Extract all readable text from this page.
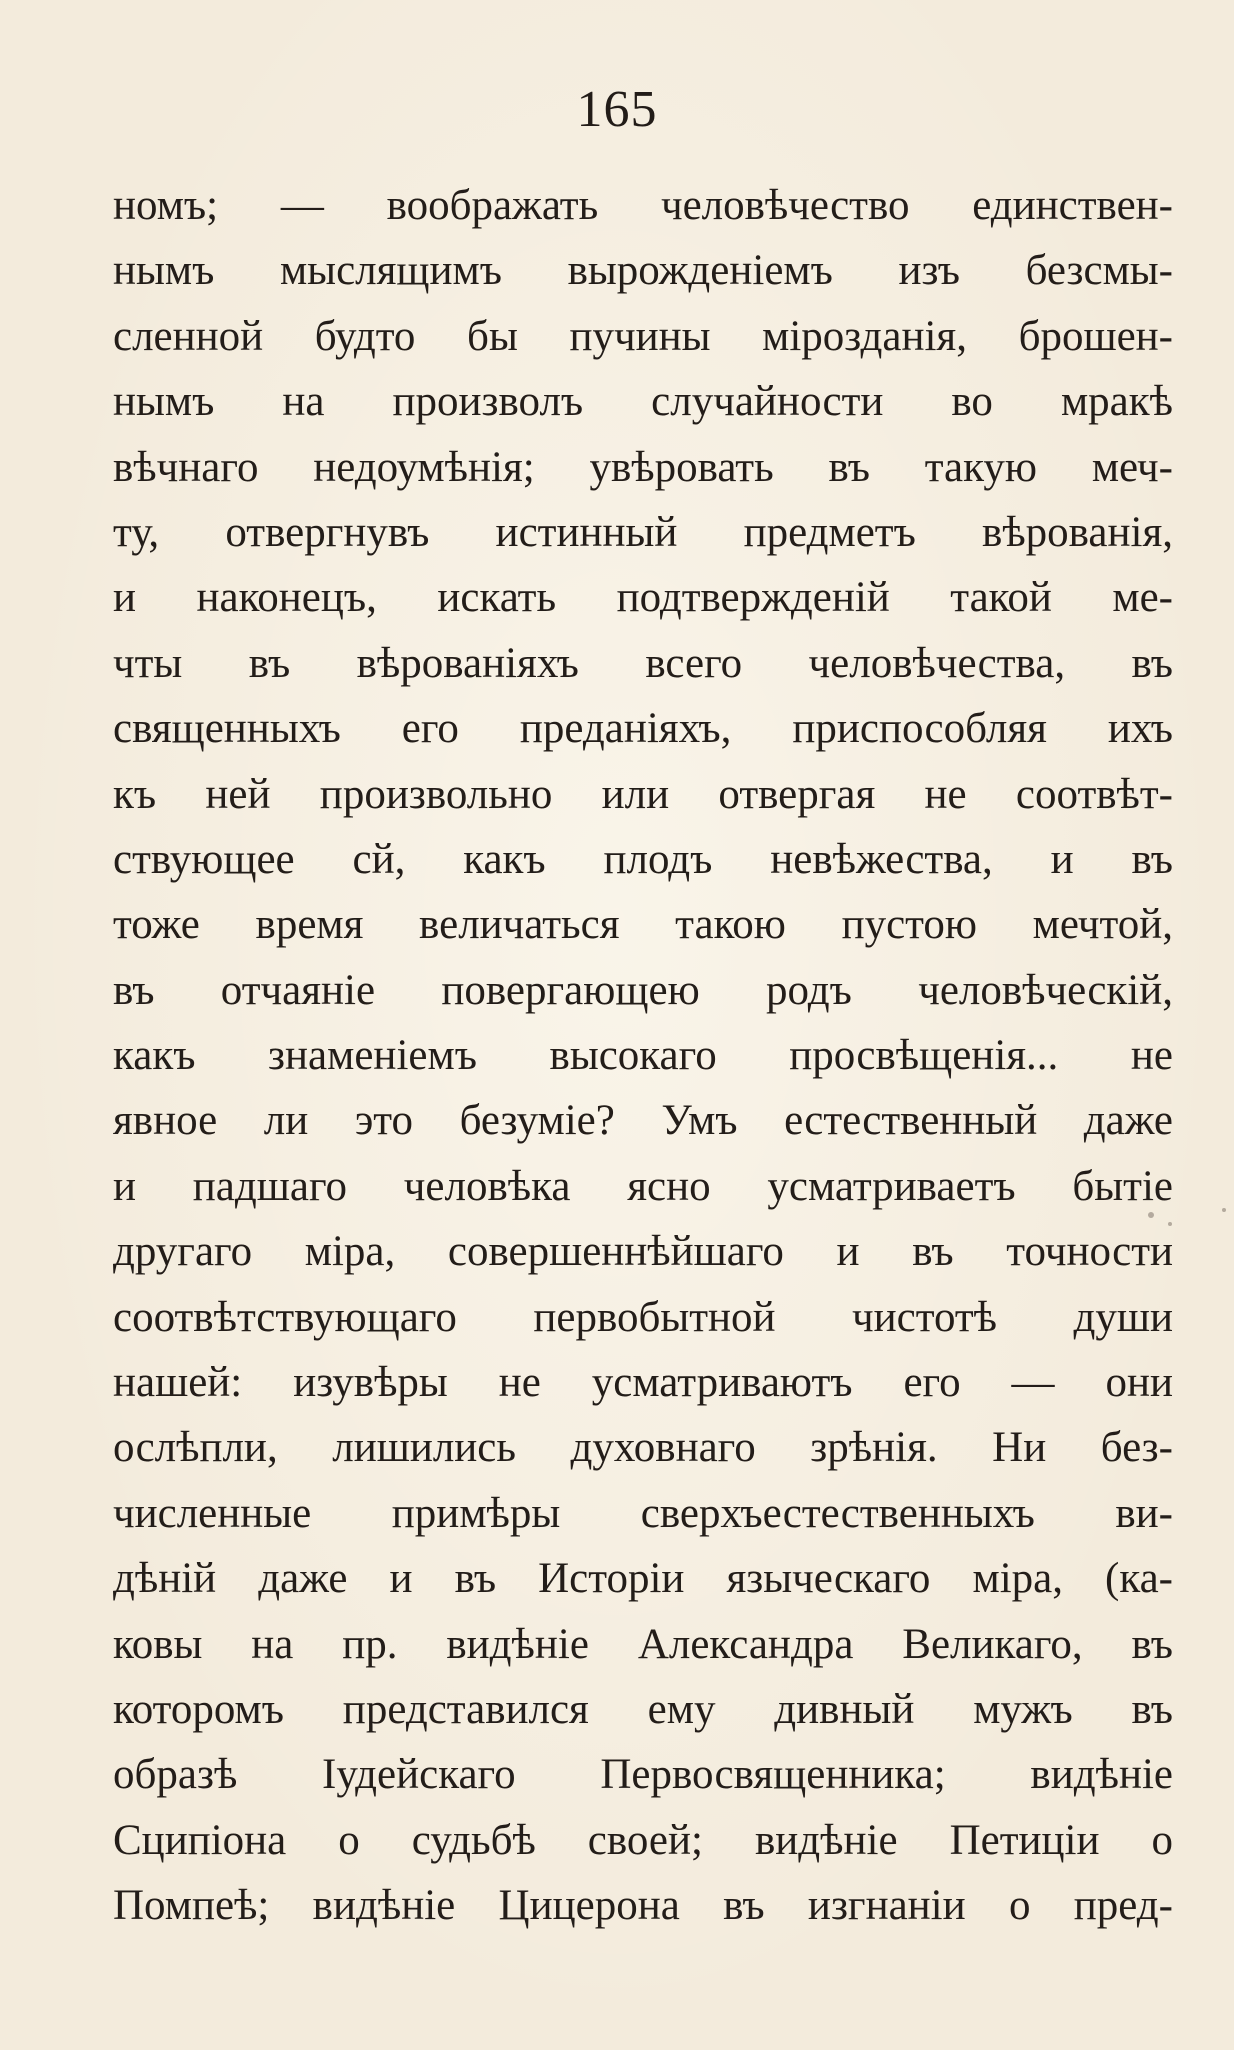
165
номъ; — воображать человѣчество единствен-
нымъ мыслящимъ вырожденіемъ изъ безсмы-
сленной будто бы пучины мірозданія, брошен-
нымъ на произволъ случайности во мракѣ
вѣчнаго недоумѣнія; увѣровать въ такую меч-
ту, отвергнувъ истинный предметъ вѣрованія,
и наконецъ, искать подтвержденій такой ме-
чты въ вѣрованіяхъ всего человѣчества, въ
священныхъ его преданіяхъ, приспособляя ихъ
къ ней произвольно или отвергая не соотвѣт-
ствующее сй, какъ плодъ невѣжества, и въ
тоже время величаться такою пустою мечтой,
въ отчаяніе повергающею родъ человѣческій,
какъ знаменіемъ высокаго просвѣщенія... не
явное ли это безуміе? Умъ естественный даже
и падшаго человѣка ясно усматриваетъ бытіе
другаго міра, совершеннѣйшаго и въ точности
соотвѣтствующаго первобытной чистотѣ души
нашей: изувѣры не усматриваютъ его — они
ослѣпли, лишились духовнаго зрѣнія. Ни без-
численные примѣры сверхъестественныхъ ви-
дѣній даже и въ Исторіи языческаго міра, (ка-
ковы на пр. видѣніе Александра Великаго, въ
которомъ представился ему дивный мужъ въ
образѣ Іудейскаго Первосвященника; видѣніе
Сципіона о судьбѣ своей; видѣніе Петиціи о
Помпеѣ; видѣніе Цицерона въ изгнаніи о пред-
